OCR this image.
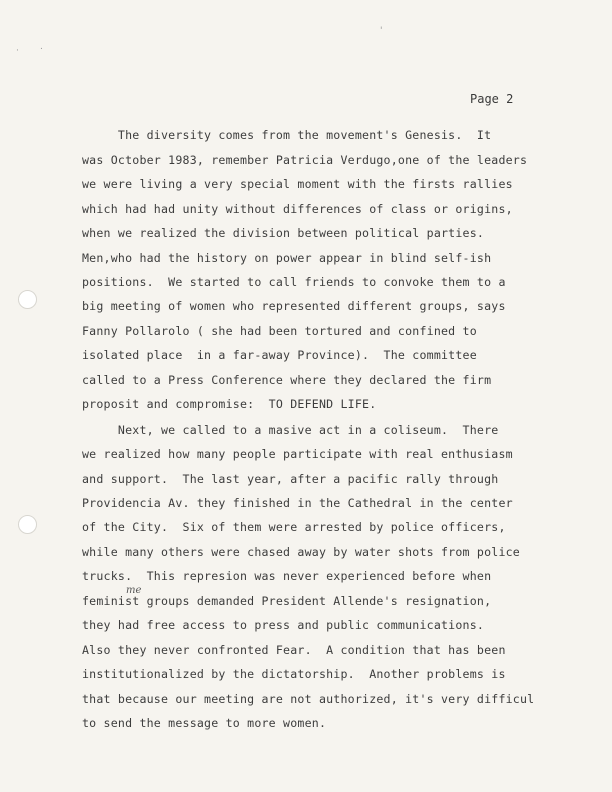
· .
'
Page 2
The diversity comes from the movement's Genesis.  It
was October 1983, remember Patricia Verdugo,one of the leaders
we were living a very special moment with the firsts rallies
which had had unity without differences of class or origins,
when we realized the division between political parties.
Men,who had the history on power appear in blind self-ish
positions.  We started to call friends to convoke them to a
big meeting of women who represented different groups, says
Fanny Pollarolo ( she had been tortured and confined to
isolated place  in a far-away Province).  The committee
called to a Press Conference where they declared the firm
proposit and compromise:  TO DEFEND LIFE.
Next, we called to a masive act in a coliseum.  There
we realized how many people participate with real enthusiasm
and support.  The last year, after a pacific rally through
Providencia Av. they finished in the Cathedral in the center
of the City.  Six of them were arrested by police officers,
while many others were chased away by water shots from police
trucks.  This represion was never experienced before when
feminist groups demanded President Allende's resignation,
they had free access to press and public communications.
Also they never confronted Fear.  A condition that has been
institutionalized by the dictatorship.  Another problems is
that because our meeting are not authorized, it's very difficul
to send the message to more women.
me
